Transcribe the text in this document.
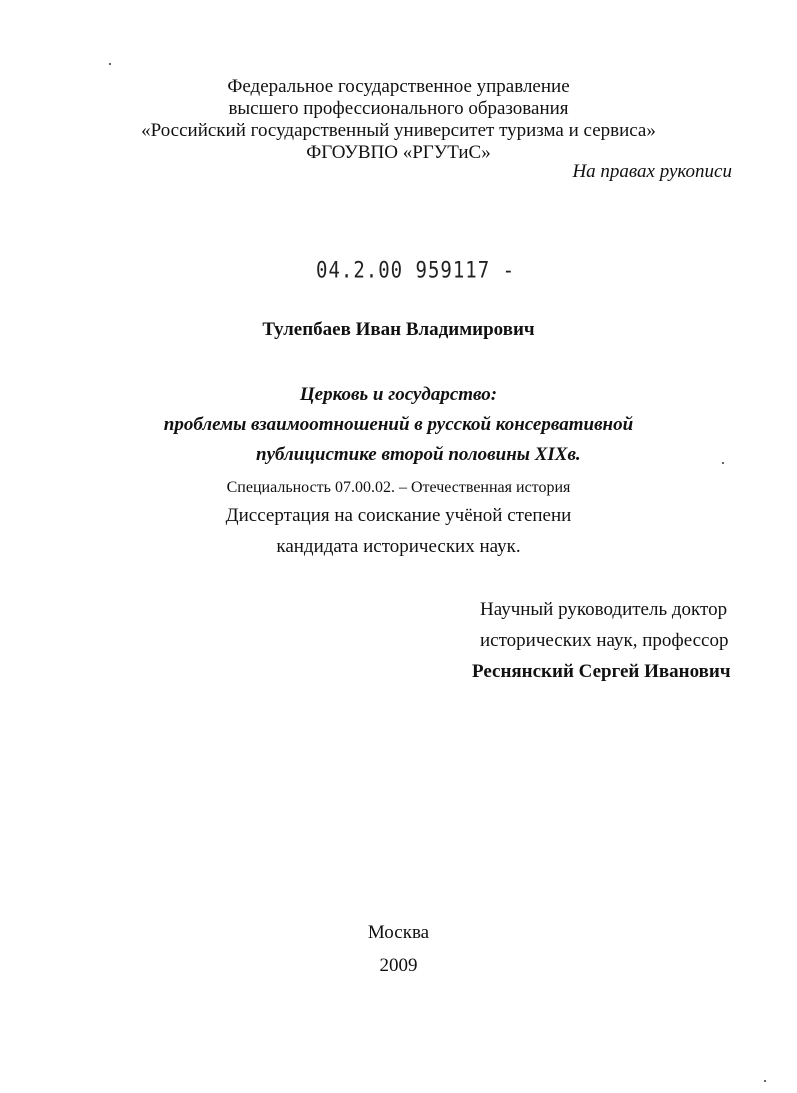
Федеральное государственное управление
высшего профессионального образования
«Российский государственный университет туризма и сервиса»
ФГОУВПО «РГУТиС»
На правах рукописи
04.2.00 959117 -
Тулепбаев Иван Владимирович
Церковь и государство:
проблемы взаимоотношений в русской консервативной
публицистике второй половины XIXв.
Специальность 07.00.02. – Отечественная история
Диссертация на соискание учёной степени
кандидата исторических наук.
Научный руководитель доктор
исторических наук, профессор
Реснянский Сергей Иванович
Москва
2009
